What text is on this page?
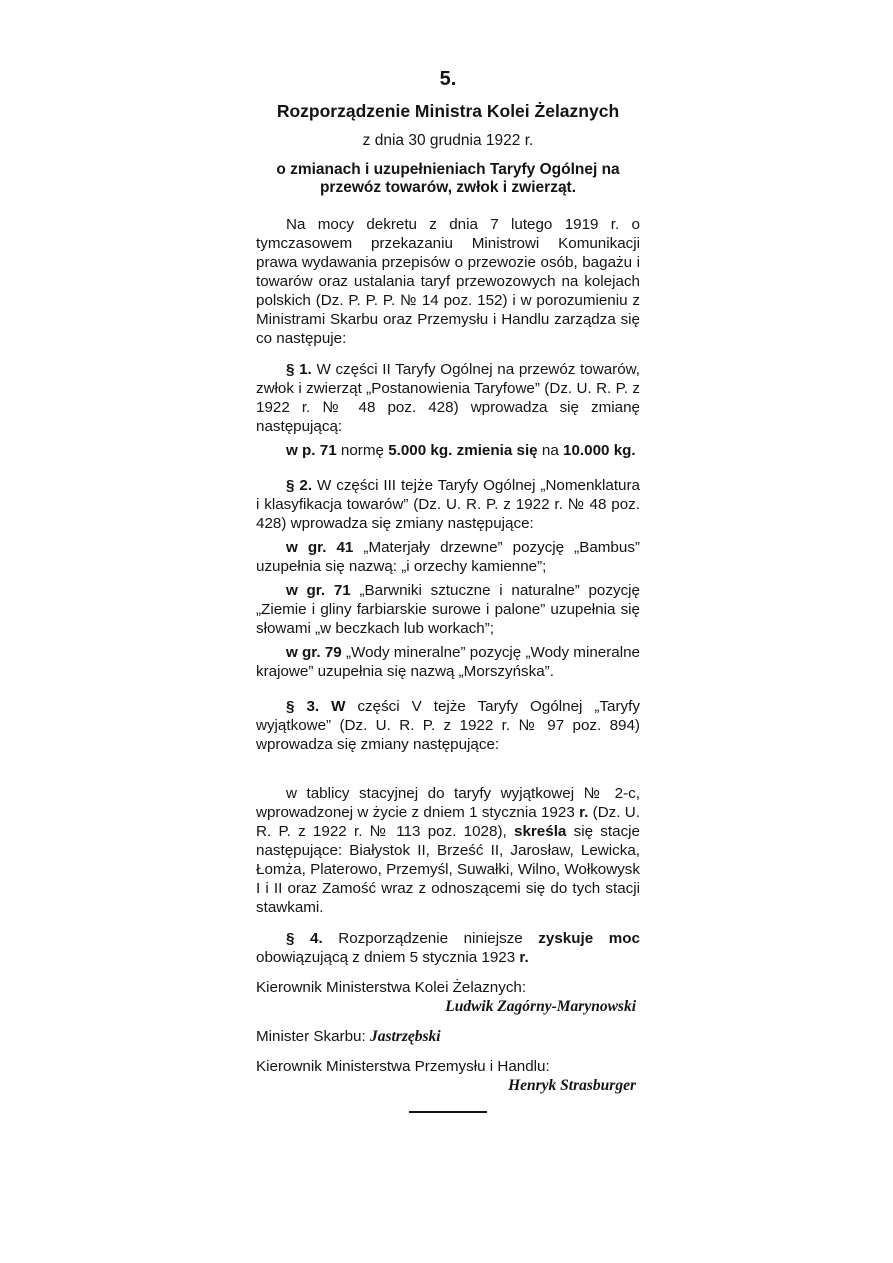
5.
Rozporządzenie Ministra Kolei Żelaznych
z dnia 30 grudnia 1922 r.
o zmianach i uzupełnieniach Taryfy Ogólnej na przewóz towarów, zwłok i zwierząt.

Na mocy dekretu z dnia 7 lutego 1919 r. o tymczasowem przekazaniu Ministrowi Komunikacji prawa wydawania przepisów o przewozie osób, bagażu i towarów oraz ustalania taryf przewozowych na kolejach polskich (Dz. P. P. P. № 14 poz. 152) i w porozumieniu z Ministrami Skarbu oraz Przemysłu i Handlu zarządza się co następuje:

§ 1. W części II Taryfy Ogólnej na przewóz towarów, zwłok i zwierząt „Postanowienia Taryfowe” (Dz. U. R. P. z 1922 r. № 48 poz. 428) wprowadza się zmianę następującą:

w p. 71 normę 5.000 kg. zmienia się na 10.000 kg.

§ 2. W części III tejże Taryfy Ogólnej „Nomenklatura i klasyfikacja towarów” (Dz. U. R. P. z 1922 r. № 48 poz. 428) wprowadza się zmiany następujące:

w gr. 41 „Materjały drzewne” pozycję „Bambus” uzupełnia się nazwą: „i orzechy kamienne”;

w gr. 71 „Barwniki sztuczne i naturalne” pozycję „Ziemie i gliny farbiarskie surowe i palone” uzupełnia się słowami „w beczkach lub workach”;

w gr. 79 „Wody mineralne” pozycję „Wody mineralne krajowe” uzupełnia się nazwą „Morszyńska”.

§ 3. W części V tejże Taryfy Ogólnej „Taryfy wyjątkowe” (Dz. U. R. P. z 1922 r. № 97 poz. 894) wprowadza się zmiany następujące:

w tablicy stacyjnej do taryfy wyjątkowej № 2-c, wprowadzonej w życie z dniem 1 stycznia 1923 r. (Dz. U. R. P. z 1922 r. № 113 poz. 1028), skreśla się stacje następujące: Białystok II, Brześć II, Jarosław, Lewicka, Łomża, Platerowo, Przemyśl, Suwałki, Wilno, Wołkowysk I i II oraz Zamość wraz z odnoszącemi się do tych stacji stawkami.

§ 4. Rozporządzenie niniejsze zyskuje moc obowiązującą z dniem 5 stycznia 1923 r.

Kierownik Ministerstwa Kolei Żelaznych:
Ludwik Zagórny-Marynowski
Minister Skarbu: Jastrzębski
Kierownik Ministerstwa Przemysłu i Handlu:
Henryk Strasburger
